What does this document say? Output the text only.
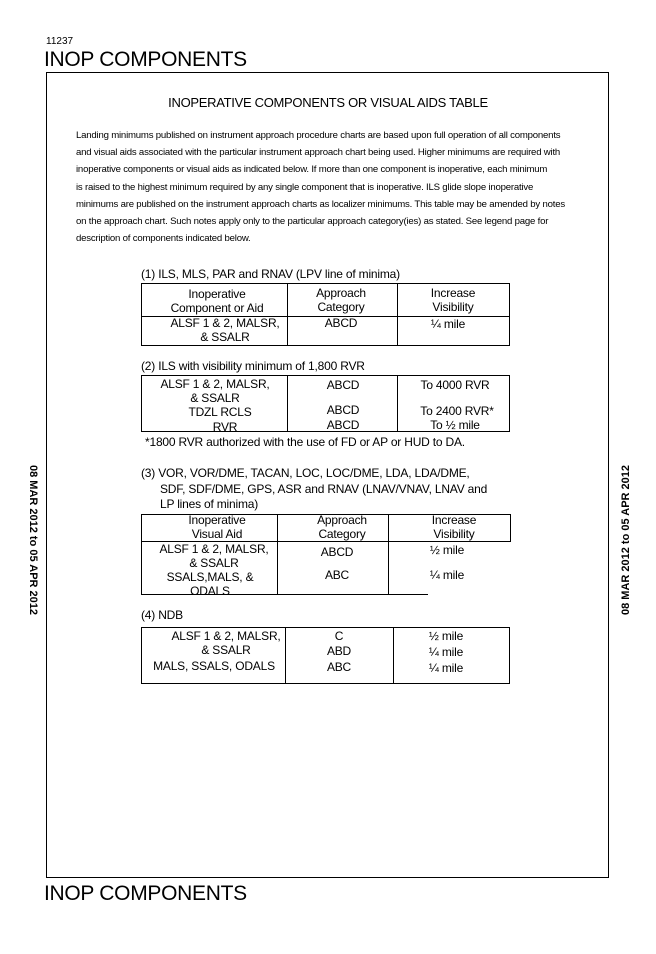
11237
INOP COMPONENTS
INOPERATIVE COMPONENTS OR VISUAL AIDS TABLE
Landing minimums published on instrument approach procedure charts are based upon full operation of all components
and visual aids associated with the particular instrument approach chart being used. Higher minimums are required with
inoperative components or visual aids as indicated below. If more than one component is inoperative, each minimum
is raised to the highest minimum required by any single component that is inoperative. ILS glide slope inoperative
minimums are published on the instrument approach charts as localizer minimums. This table may be amended by notes
on the approach chart. Such notes apply only to the particular approach category(ies) as stated. See legend page for
description of components indicated below.
08 MAR 2012 to 05 APR 2012	08 MAR 2012 to 05 APR 2012
(1) ILS, MLS, PAR and RNAV (LPV line of minima)
Inoperative
Component or Aid
Approach
Category
Increase
Visibility
ALSF 1 & 2, MALSR,
& SSALR
ABCD	¼ mile
(2) ILS with visibility minimum of 1,800 RVR
ALSF 1 & 2, MALSR,
& SSALR
TDZL RCLS
RVR
ABCD
ABCD
ABCD
To 4000 RVR
To 2400 RVR*
To ½ mile
*1800 RVR authorized with the use of FD or AP or HUD to DA.
(3) VOR, VOR/DME, TACAN, LOC, LOC/DME, LDA, LDA/DME,
SDF, SDF/DME, GPS, ASR and RNAV (LNAV/VNAV, LNAV and
LP lines of minima)
Inoperative
Visual Aid
Approach
Category
Increase
Visibility
ALSF 1 & 2, MALSR,
& SSALR
SSALS,MALS, &
ODALS
ABCD
ABC
½ mile
¼ mile
(4) NDB
ALSF 1 & 2, MALSR,
& SSALR
MALS, SSALS, ODALS
C
ABD
ABC
½ mile
¼ mile
¼ mile
INOP COMPONENTS
